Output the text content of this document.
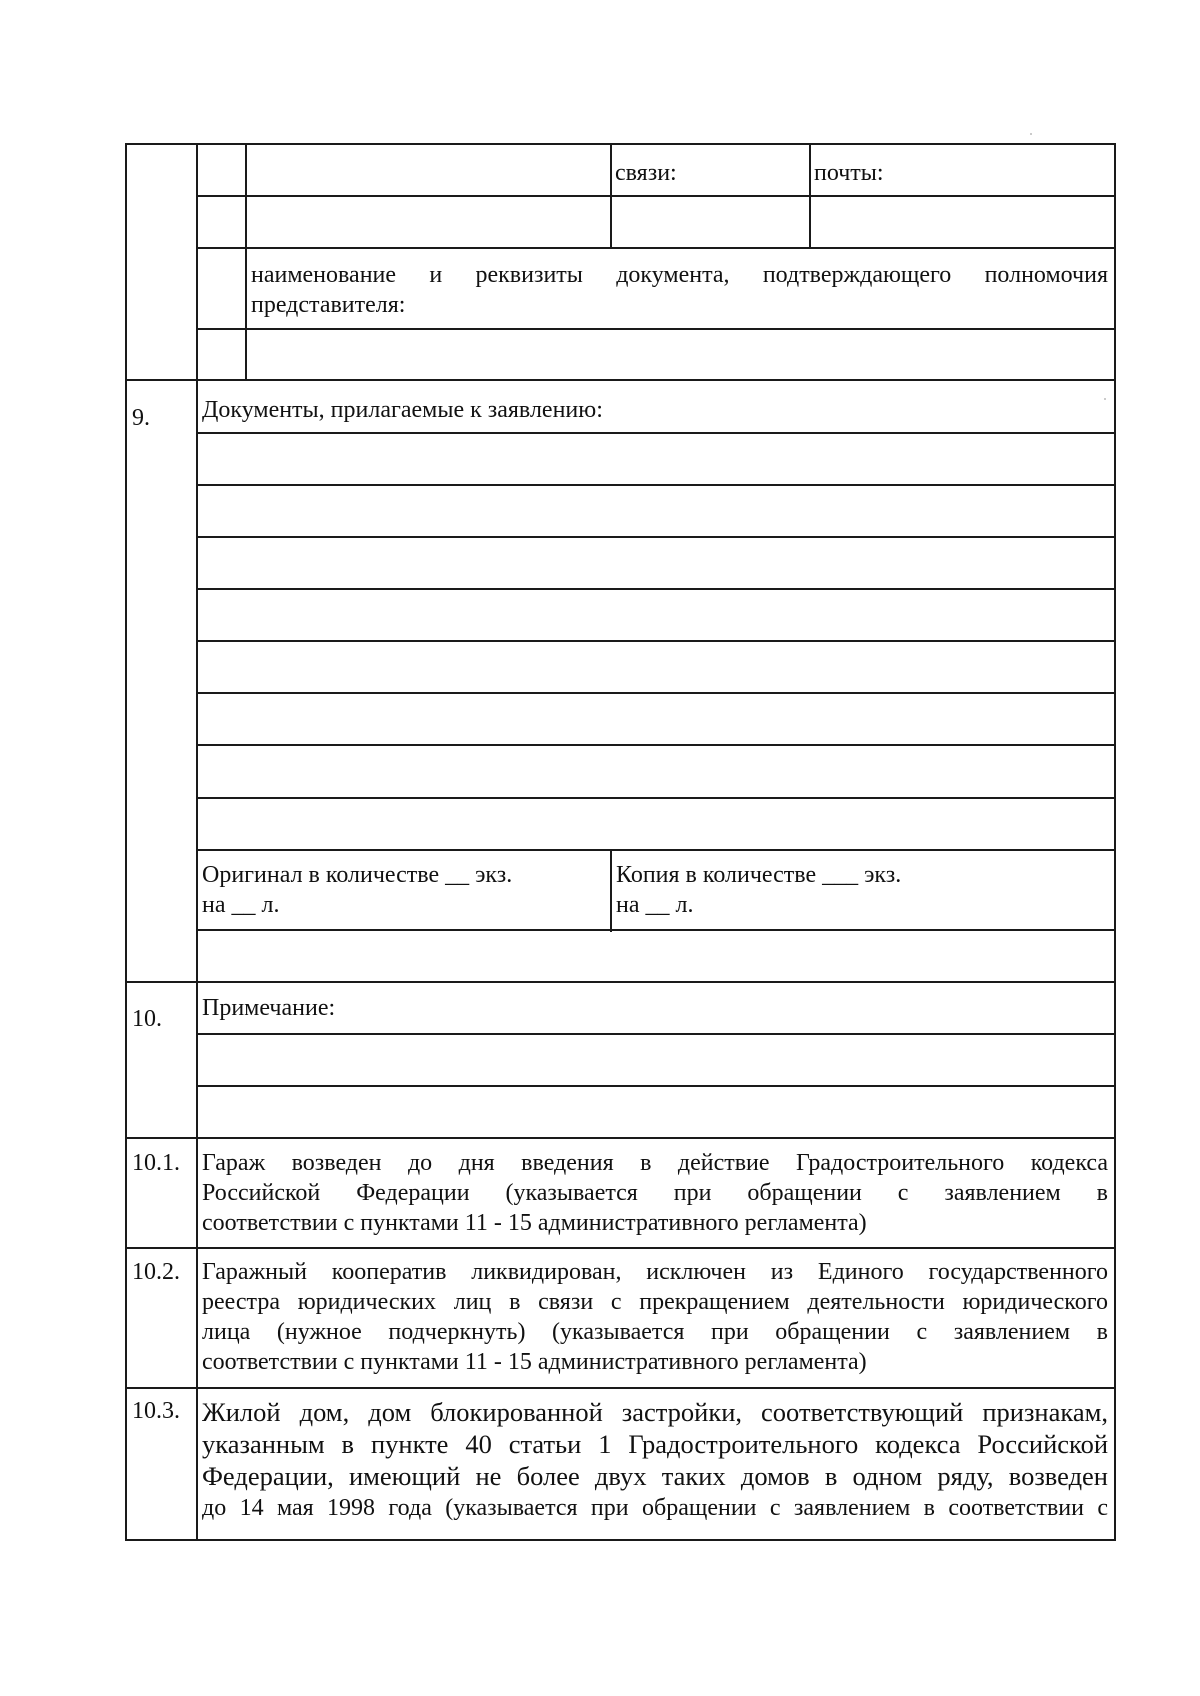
связи:	почты:
наименование и реквизиты документа, подтверждающего полномочия
представителя:
9. Документы, прилагаемые к заявлению:
Оригинал в количестве __ экз.
на __ л.
Копия в количестве ___ экз.
на __ л.
10. Примечание:
10.1. Гараж возведен до дня введения в действие Градостроительного кодекса
Российской Федерации (указывается при обращении с заявлением в
соответствии с пунктами 11 - 15 административного регламента)
10.2. Гаражный кооператив ликвидирован, исключен из Единого государственного
реестра юридических лиц в связи с прекращением деятельности юридического
лица (нужное подчеркнуть) (указывается при обращении с заявлением в
соответствии с пунктами 11 - 15 административного регламента)
10.3. Жилой дом, дом блокированной застройки, соответствующий признакам,
указанным в пункте 40 статьи 1 Градостроительного кодекса Российской
Федерации, имеющий не более двух таких домов в одном ряду, возведен
до 14 мая 1998 года (указывается при обращении с заявлением в соответствии с
